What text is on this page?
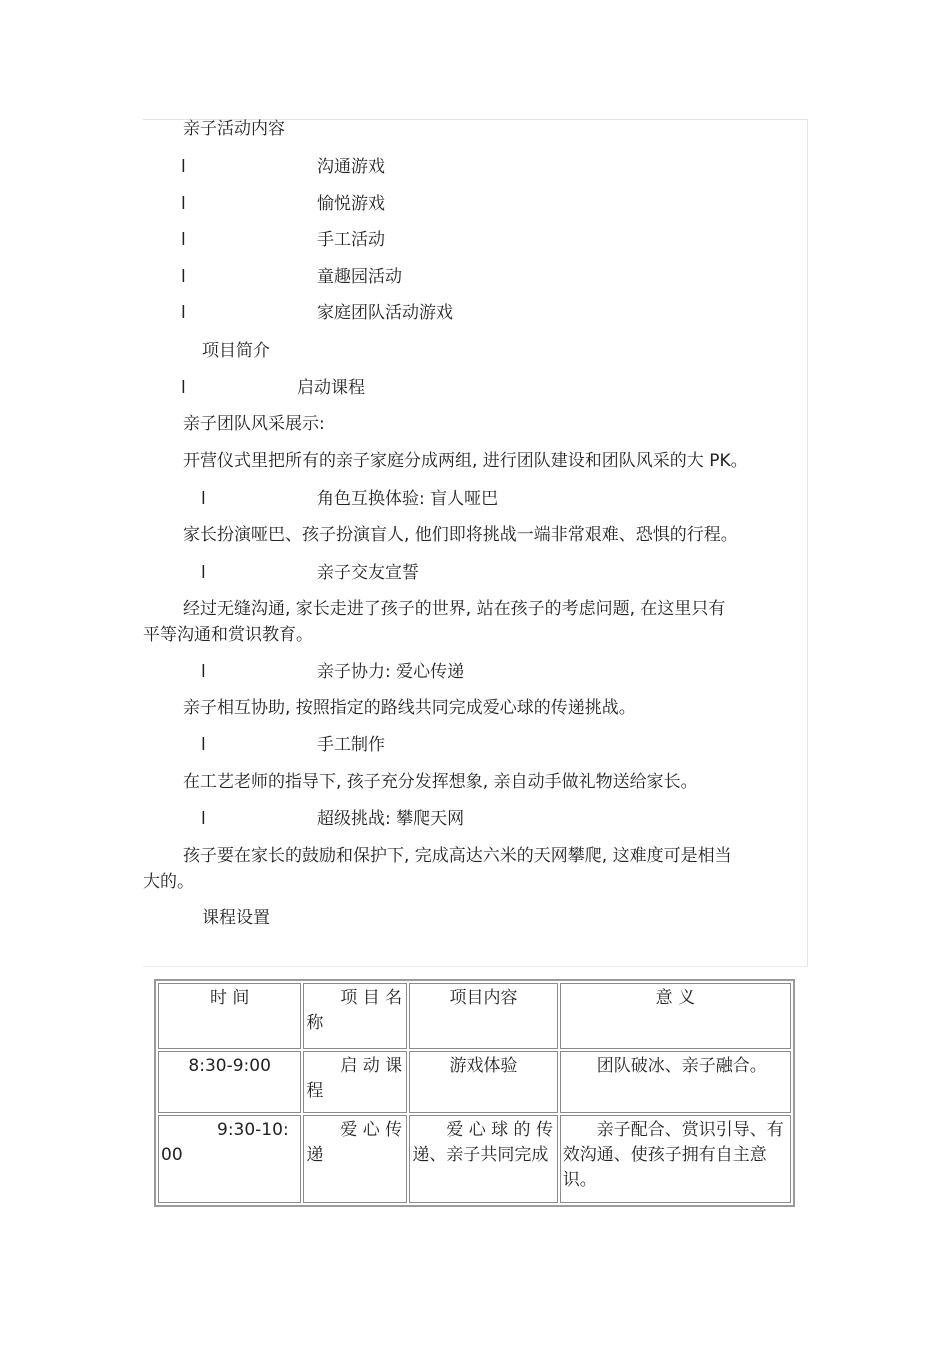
亲子活动内容
l	沟通游戏
l	愉悦游戏
l	手工活动
l	童趣园活动
l	家庭团队活动游戏
项目简介
l	启动课程
亲子团队风采展示:
开营仪式里把所有的亲子家庭分成两组, 进行团队建设和团队风采的大 PK。
l	角色互换体验: 盲人哑巴
家长扮演哑巴、孩子扮演盲人, 他们即将挑战一端非常艰难、恐惧的行程。
l	亲子交友宣誓
经过无缝沟通, 家长走进了孩子的世界, 站在孩子的考虑问题, 在这里只有
平等沟通和赏识教育。
l	亲子协力: 爱心传递
亲子相互协助, 按照指定的路线共同完成爱心球的传递挑战。
l	手工制作
在工艺老师的指导下, 孩子充分发挥想象, 亲自动手做礼物送给家长。
l	超级挑战: 攀爬天网
孩子要在家长的鼓励和保护下, 完成高达六米的天网攀爬, 这难度可是相当
大的。
课程设置
时 间	项 目 名称	项目内容	意 义
8:30-9:00	启 动 课程	游戏体验	团队破冰、亲子融合。
9:30-10:00	爱 心 传递	爱 心 球 的 传递、亲子共同完成	亲子配合、赏识引导、有效沟通、使孩子拥有自主意识。
